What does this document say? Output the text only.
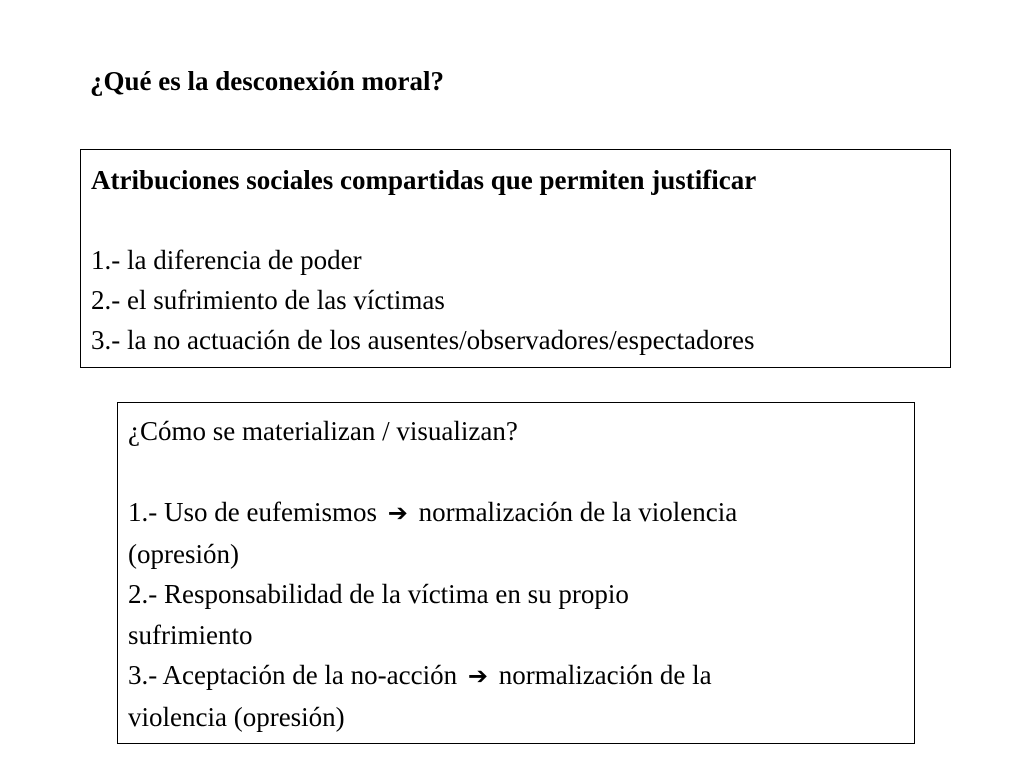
¿Qué es la desconexión moral?
Atribuciones sociales compartidas que permiten justificar
1.- la diferencia de poder
2.- el sufrimiento de las víctimas
3.- la no actuación de los ausentes/observadores/espectadores
¿Cómo se materializan / visualizan?
1.- Uso de eufemismos ➔ normalización de la violencia
(opresión)
2.- Responsabilidad de la víctima en su propio
sufrimiento
3.- Aceptación de la no-acción ➔ normalización de la
violencia (opresión)
